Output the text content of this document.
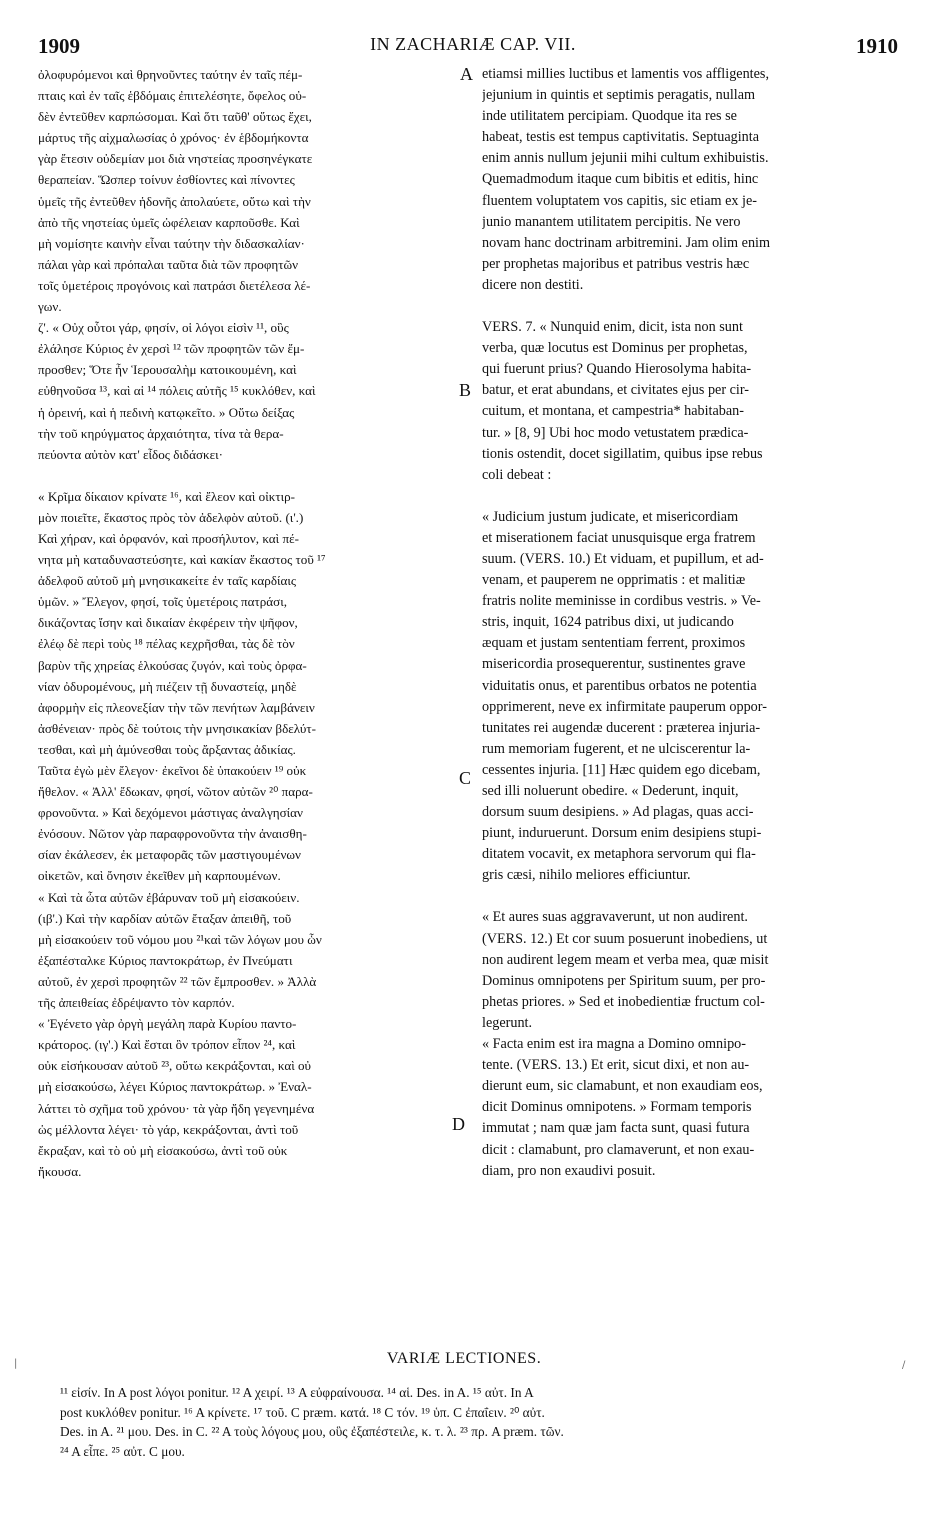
1909	IN ZACHARIÆ CAP. VII.	1910
ὀλοφυρόμενοι καὶ θρηνοῦντες ταύτην ἐν ταῖς πέμ-
πταις καὶ ἐν ταῖς ἑβδόμαις ἐπιτελέσητε, ὄφελος οὐ-
δὲν ἐντεῦθεν καρπώσομαι. Καὶ ὅτι ταῦθ' οὕτως ἔχει,
μάρτυς τῆς αἰχμαλωσίας ὁ χρόνος· ἐν ἑβδομήκοντα
γὰρ ἔτεσιν οὐδεμίαν μοι διὰ νηστείας προσηνέγκατε
θεραπείαν. Ὥσπερ τοίνυν ἐσθίοντες καὶ πίνοντες
ὑμεῖς τῆς ἐντεῦθεν ἡδονῆς ἀπολαύετε, οὕτω καὶ τὴν
ἀπὸ τῆς νηστείας ὑμεῖς ὠφέλειαν καρποῦσθε. Καὶ
μὴ νομίσητε καινὴν εἶναι ταύτην τὴν διδασκαλίαν·
πάλαι γὰρ καὶ πρόπαλαι ταῦτα διὰ τῶν προφητῶν
τοῖς ὑμετέροις προγόνοις καὶ πατράσι διετέλεσα λέ-
γων.
ζ'. « Οὐχ οὗτοι γάρ, φησίν, οἱ λόγοι εἰσὶν ¹¹, οὓς
ἐλάλησε Κύριος ἐν χερσὶ ¹² τῶν προφητῶν τῶν ἔμ-
προσθεν; Ὅτε ἦν Ἱερουσαλὴμ κατοικουμένη, καὶ
εὐθηνοῦσα ¹³, καὶ αἱ ¹⁴ πόλεις αὐτῆς ¹⁵ κυκλόθεν, καὶ
ἡ ὀρεινή, καὶ ἡ πεδινὴ κατῳκεῖτο. » Οὕτω δείξας
τὴν τοῦ κηρύγματος ἀρχαιότητα, τίνα τὰ θερα-
πεύοντα αὐτὸν κατ' εἶδος διδάσκει·
« Κρῖμα δίκαιον κρίνατε ¹⁶, καὶ ἔλεον καὶ οἰκτιρ-
μὸν ποιεῖτε, ἕκαστος πρὸς τὸν ἀδελφὸν αὐτοῦ. (ι'.)
Καὶ χήραν, καὶ ὀρφανόν, καὶ προσήλυτον, καὶ πέ-
νητα μὴ καταδυναστεύσητε, καὶ κακίαν ἕκαστος τοῦ ¹⁷
ἀδελφοῦ αὐτοῦ μὴ μνησικακείτε ἐν ταῖς καρδίαις
ὑμῶν. » Ἔλεγον, φησί, τοῖς ὑμετέροις πατράσι,
δικάζοντας ἴσην καὶ δικαίαν ἐκφέρειν τὴν ψῆφον,
ἐλέῳ δὲ περὶ τοὺς ¹⁸ πέλας κεχρῆσθαι, τὰς δὲ τὸν
βαρὺν τῆς χηρείας ἑλκούσας ζυγόν, καὶ τοὺς ὀρφα-
νίαν ὀδυρομένους, μὴ πιέζειν τῇ δυναστείᾳ, μηδὲ
ἀφορμὴν εἰς πλεονεξίαν τὴν τῶν πενήτων λαμβάνειν
ἀσθένειαν· πρὸς δὲ τούτοις τὴν μνησικακίαν βδελύτ-
τεσθαι, καὶ μὴ ἀμύνεσθαι τοὺς ἄρξαντας ἀδικίας.
Ταῦτα ἐγὼ μὲν ἔλεγον· ἐκεῖνοι δὲ ὑπακούειν ¹⁹ οὐκ
ἤθελον. « Ἀλλ' ἔδωκαν, φησί, νῶτον αὐτῶν ²⁰ παρα-
φρονοῦντα. » Καὶ δεχόμενοι μάστιγας ἀναλγησίαν
ἐνόσουν. Νῶτον γὰρ παραφρονοῦντα τὴν ἀναισθη-
σίαν ἐκάλεσεν, ἐκ μεταφορᾶς τῶν μαστιγουμένων
οἰκετῶν, καὶ ὄνησιν ἐκεῖθεν μὴ καρπουμένων.
« Καὶ τὰ ὦτα αὐτῶν ἐβάρυναν τοῦ μὴ εἰσακούειν.
(ιβ'.) Καὶ τὴν καρδίαν αὐτῶν ἔταξαν ἀπειθῆ, τοῦ
μὴ εἰσακούειν τοῦ νόμου μου ²¹καὶ τῶν λόγων μου ὧν
ἐξαπέσταλκε Κύριος παντοκράτωρ, ἐν Πνεύματι
αὐτοῦ, ἐν χερσὶ προφητῶν ²² τῶν ἔμπροσθεν. » Ἀλλὰ
τῆς ἀπειθείας ἐδρέψαντο τὸν καρπόν.
« Ἐγένετο γὰρ ὀργὴ μεγάλη παρὰ Κυρίου παντο-
κράτορος. (ιγ'.) Καὶ ἔσται ὃν τρόπον εἶπον ²⁴, καὶ
οὐκ εἰσήκουσαν αὐτοῦ ²³, οὕτω κεκράξονται, καὶ οὐ
μὴ εἰσακούσω, λέγει Κύριος παντοκράτωρ. » Ἐναλ-
λάττει τὸ σχῆμα τοῦ χρόνου· τὰ γὰρ ἤδη γεγενημένα
ὡς μέλλοντα λέγει· τὸ γάρ, κεκράξονται, ἀντὶ τοῦ
ἔκραξαν, καὶ τὸ οὐ μὴ εἰσακούσω, ἀντὶ τοῦ οὐκ
ἤκουσα.
etiamsi millies luctibus et lamentis vos affligentes,
jejunium in quintis et septimis peragatis, nullam
inde utilitatem percipiam. Quodque ita res se
habeat, testis est tempus captivitatis. Septuaginta
enim annis nullum jejunii mihi cultum exhibuistis.
Quemadmodum itaque cum bibitis et editis, hinc
fluentem voluptatem vos capitis, sic etiam ex je-
junio manantem utilitatem percipitis. Ne vero
novam hanc doctrinam arbitremini. Jam olim enim
per prophetas majoribus et patribus vestris hæc
dicere non destiti.
VERS. 7. « Nunquid enim, dicit, ista non sunt
verba, quæ locutus est Dominus per prophetas,
qui fuerunt prius? Quando Hierosolyma habita-
batur, et erat abundans, et civitates ejus per cir-
cuitum, et montana, et campestria* habitaban-
tur. » [8, 9] Ubi hoc modo vetustatem prædica-
tionis ostendit, docet sigillatim, quibus ipse rebus
coli debeat :
« Judicium justum judicate, et misericordiam
et miserationem faciat unusquisque erga fratrem
suum. (VERS. 10.) Et viduam, et pupillum, et ad-
venam, et pauperem ne opprimatis : et malitiæ
fratris nolite meminisse in cordibus vestris. » Ve-
stris, inquit, 1624 patribus dixi, ut judicando
æquam et justam sententiam ferrent, proximos
misericordia prosequerentur, sustinentes grave
viduitatis onus, et parentibus orbatos ne potentia
opprimerent, neve ex infirmitate pauperum oppor-
tunitates rei augendæ ducerent : præterea injuria-
rum memoriam fugerent, et ne ulciscerentur la-
cessentes injuria. [11] Hæc quidem ego dicebam,
sed illi noluerunt obedire. « Dederunt, inquit,
dorsum suum desipiens. » Ad plagas, quas acci-
piunt, induruerunt. Dorsum enim desipiens stupi-
ditatem vocavit, ex metaphora servorum qui fla-
gris cæsi, nihilo meliores efficiuntur.
« Et aures suas aggravaverunt, ut non audirent.
(VERS. 12.) Et cor suum posuerunt inobediens, ut
non audirent legem meam et verba mea, quæ misit
Dominus omnipotens per Spiritum suum, per pro-
phetas priores. » Sed et inobedientiæ fructum col-
legerunt.
« Facta enim est ira magna a Domino omnipo-
tente. (VERS. 13.) Et erit, sicut dixi, et non au-
dierunt eum, sic clamabunt, et non exaudiam eos,
dicit Dominus omnipotens. » Formam temporis
immutat ; nam quæ jam facta sunt, quasi futura
dicit : clamabunt, pro clamaverunt, et non exau-
diam, pro non exaudivi posuit.
A
B
C
D
VARIÆ LECTIONES.
¹¹ εἰσίν. In A post λόγοι ponitur. ¹² A χειρί. ¹³ A εὐφραίνουσα. ¹⁴ αἱ. Des. in A. ¹⁵ αὐτ. In A
post κυκλόθεν ponitur. ¹⁶ A κρίνετε. ¹⁷ τοῦ. C præm. κατά. ¹⁸ C τόν. ¹⁹ ὑπ. C ἐπαΐειν. ²⁰ αὐτ.
Des. in A. ²¹ μου. Des. in C. ²² A τοὺς λόγους μου, οὓς ἐξαπέστειλε, κ. τ. λ. ²³ πρ. A præm. τῶν.
²⁴ A εἶπε. ²⁵ αὐτ. C μου.
|	/
